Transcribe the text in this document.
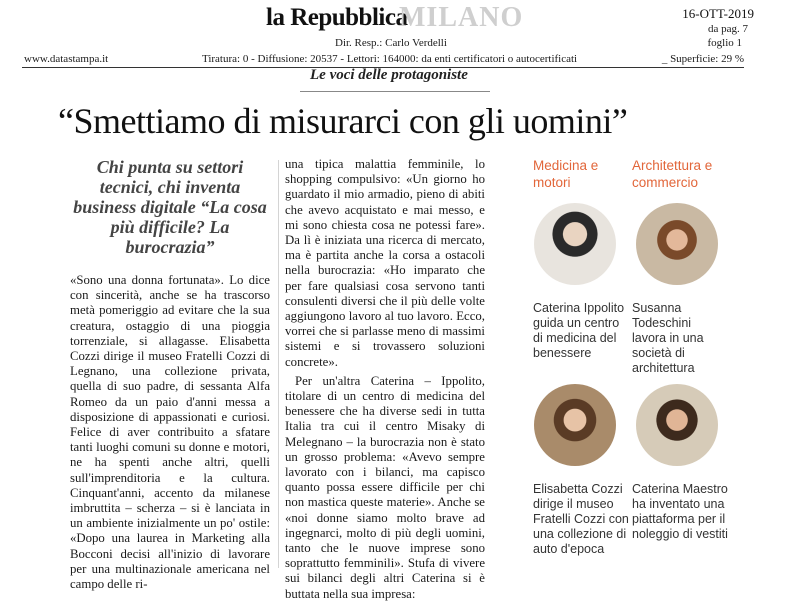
la Repubblica
MILANO	16-OTT-2019
da pag. 7
foglio 1
Dir. Resp.: Carlo Verdelli
www.datastampa.it	Tiratura: 0 - Diffusione: 20537 - Lettori: 164000: da enti certificatori o autocertificati	_ Superficie: 29 %
Le voci delle protagoniste
“Smettiamo di misurarci con gli uomini”
Chi punta su settori tecnici, chi inventa business digitale “La cosa più difficile? La burocrazia”

«Sono una donna fortunata». Lo dice con sincerità, anche se ha trascorso metà pomeriggio ad evitare che la sua creatura, ostaggio di una pioggia torrenziale, si allagasse. Elisabetta Cozzi dirige il museo Fratelli Cozzi di Legnano, una collezione privata, quella di suo padre, di sessanta Alfa Romeo da un paio d'anni messa a disposizione di appassionati e curiosi. Felice di aver contribuito a sfatare tanti luoghi comuni su donne e motori, ne ha spenti anche altri, quelli sull'imprenditoria e la cultura. Cinquant'anni, accento da milanese imbruttita – scherza – si è lanciata in un ambiente inizialmente un po' ostile: «Dopo una laurea in Marketing alla Bocconi decisi all'inizio di lavorare per una multinazionale americana nel campo delle ri-

una tipica malattia femminile, lo shopping compulsivo: «Un giorno ho guardato il mio armadio, pieno di abiti che avevo acquistato e mai messo, e mi sono chiesta cosa ne potessi fare». Da lì è iniziata una ricerca di mercato, ma è partita anche la corsa a ostacoli nella burocrazia: «Ho imparato che per fare qualsiasi cosa servono tanti consulenti diversi che il più delle volte aggiungono lavoro al tuo lavoro. Ecco, vorrei che si parlasse meno di massimi sistemi e si trovassero soluzioni concrete».

Per un'altra Caterina – Ippolito, titolare di un centro di medicina del benessere che ha diverse sedi in tutta Italia tra cui il centro Misaky di Melegnano – la burocrazia non è stato un grosso problema: «Avevo sempre lavorato con i bilanci, ma capisco quanto possa essere difficile per chi non mastica queste materie». Anche se «noi donne siamo molto brave ad ingegnarci, molto di più degli uomini, tanto che le nuove imprese sono soprattutto femminili». Stufa di vivere sui bilanci degli altri Caterina si è buttata nella sua impresa:

Medicina e motori
Architettura e commercio
Caterina Ippolito guida un centro di medicina del benessere
Susanna Todeschini lavora in una società di architettura
Elisabetta Cozzi dirige il museo Fratelli Cozzi con una collezione di auto d'epoca
Caterina Maestro ha inventato una piattaforma per il noleggio di vestiti
